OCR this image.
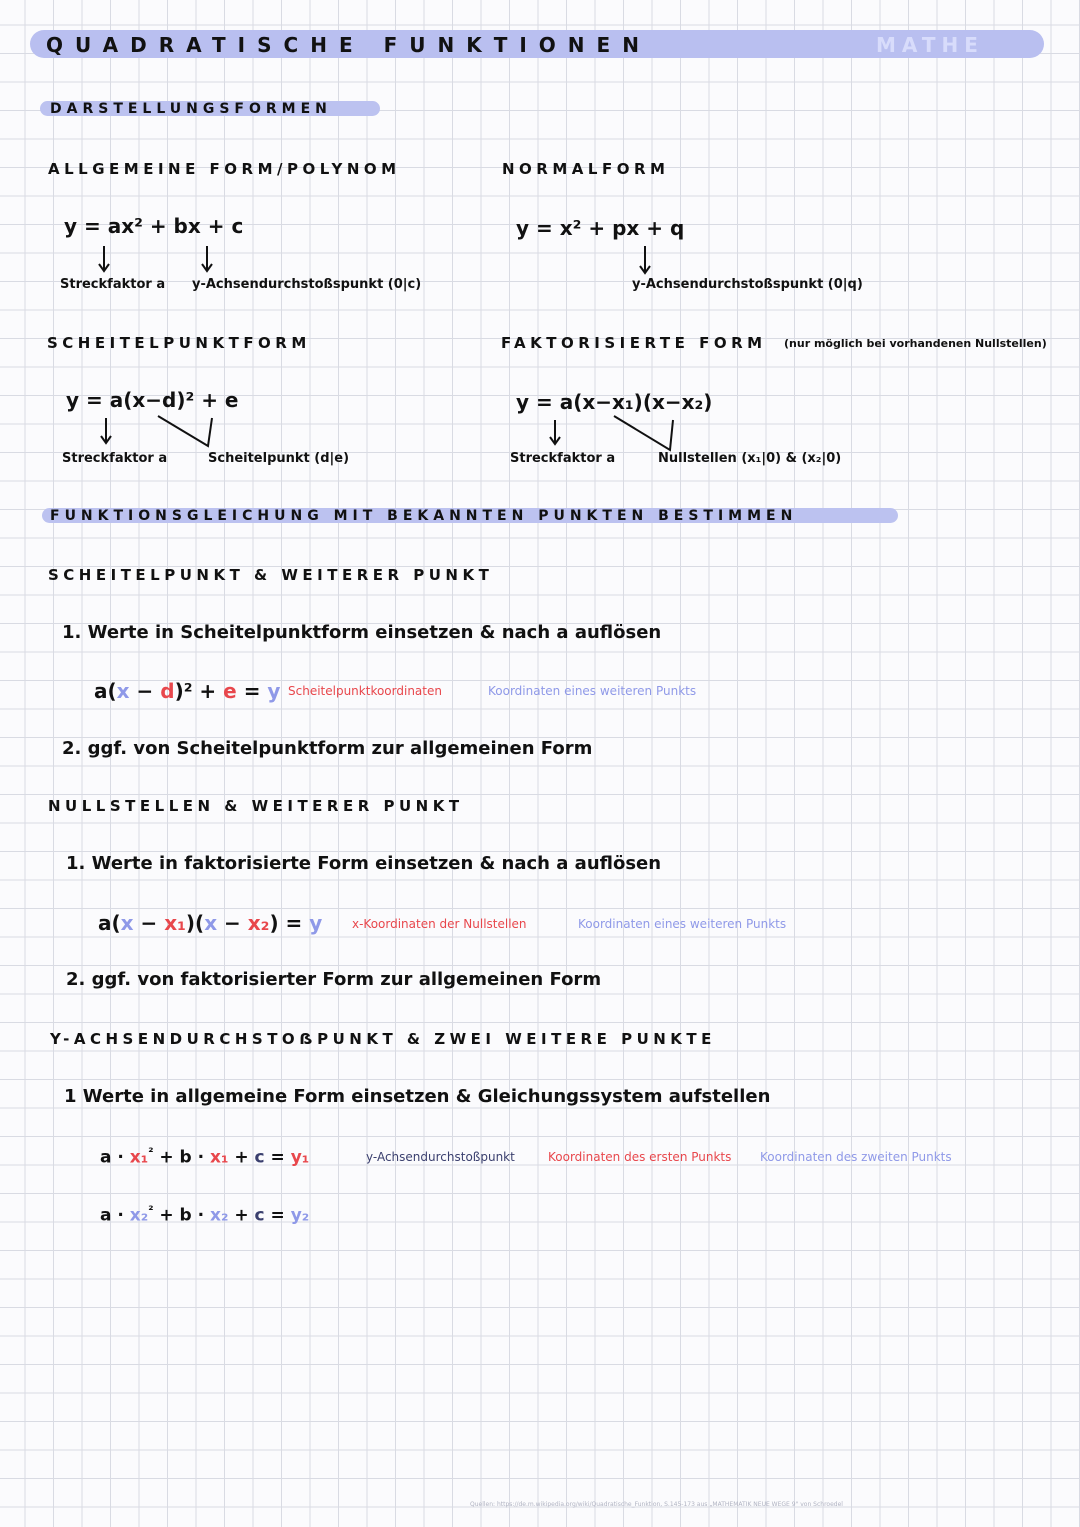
QUADRATISCHE FUNKTIONEN	MATHE
DARSTELLUNGSFORMEN
ALLGEMEINE FORM/POLYNOM
y = ax² + bx + c
Streckfaktor a y-Achsendurchstoßspunkt (0|c)
NORMALFORM
y = x² + px + q
y-Achsendurchstoßspunkt (0|q)
SCHEITELPUNKTFORM
y = a(x−d)² + e
Streckfaktor a	Scheitelpunkt (d|e)
FAKTORISIERTE FORM (nur möglich bei vorhandenen Nullstellen)
y = a(x−x₁)(x−x₂)
Streckfaktor a	Nullstellen (x₁|0) & (x₂|0)
FUNKTIONSGLEICHUNG MIT BEKANNTEN PUNKTEN BESTIMMEN
SCHEITELPUNKT & WEITERER PUNKT
1. Werte in Scheitelpunktform einsetzen & nach a auflösen
a(x − d)² + e = y Scheitelpunktkoordinaten	Koordinaten eines weiteren Punkts
2. ggf. von Scheitelpunktform zur allgemeinen Form
NULLSTELLEN & WEITERER PUNKT
1. Werte in faktorisierte Form einsetzen & nach a auflösen
a(x − x₁)(x − x₂) = y x-Koordinaten der Nullstellen	Koordinaten eines weiteren Punkts
2. ggf. von faktorisierter Form zur allgemeinen Form
Y-ACHSENDURCHSTOẞPUNKT & ZWEI WEITERE PUNKTE
1 Werte in allgemeine Form einsetzen & Gleichungssystem aufstellen
a · x₁$^{^2}$ + b · x₁ + c = y₁	y-Achsendurchstoßpunkt	Koordinaten des ersten Punkts Koordinaten des zweiten Punkts
a · x₂$^{^2}$ + b · x₂ + c = y₂
Quellen: https://de.m.wikipedia.org/wiki/Quadratische_Funktion, S.145-173 aus „MATHEMATIK NEUE WEGE 9" von Schroedel
